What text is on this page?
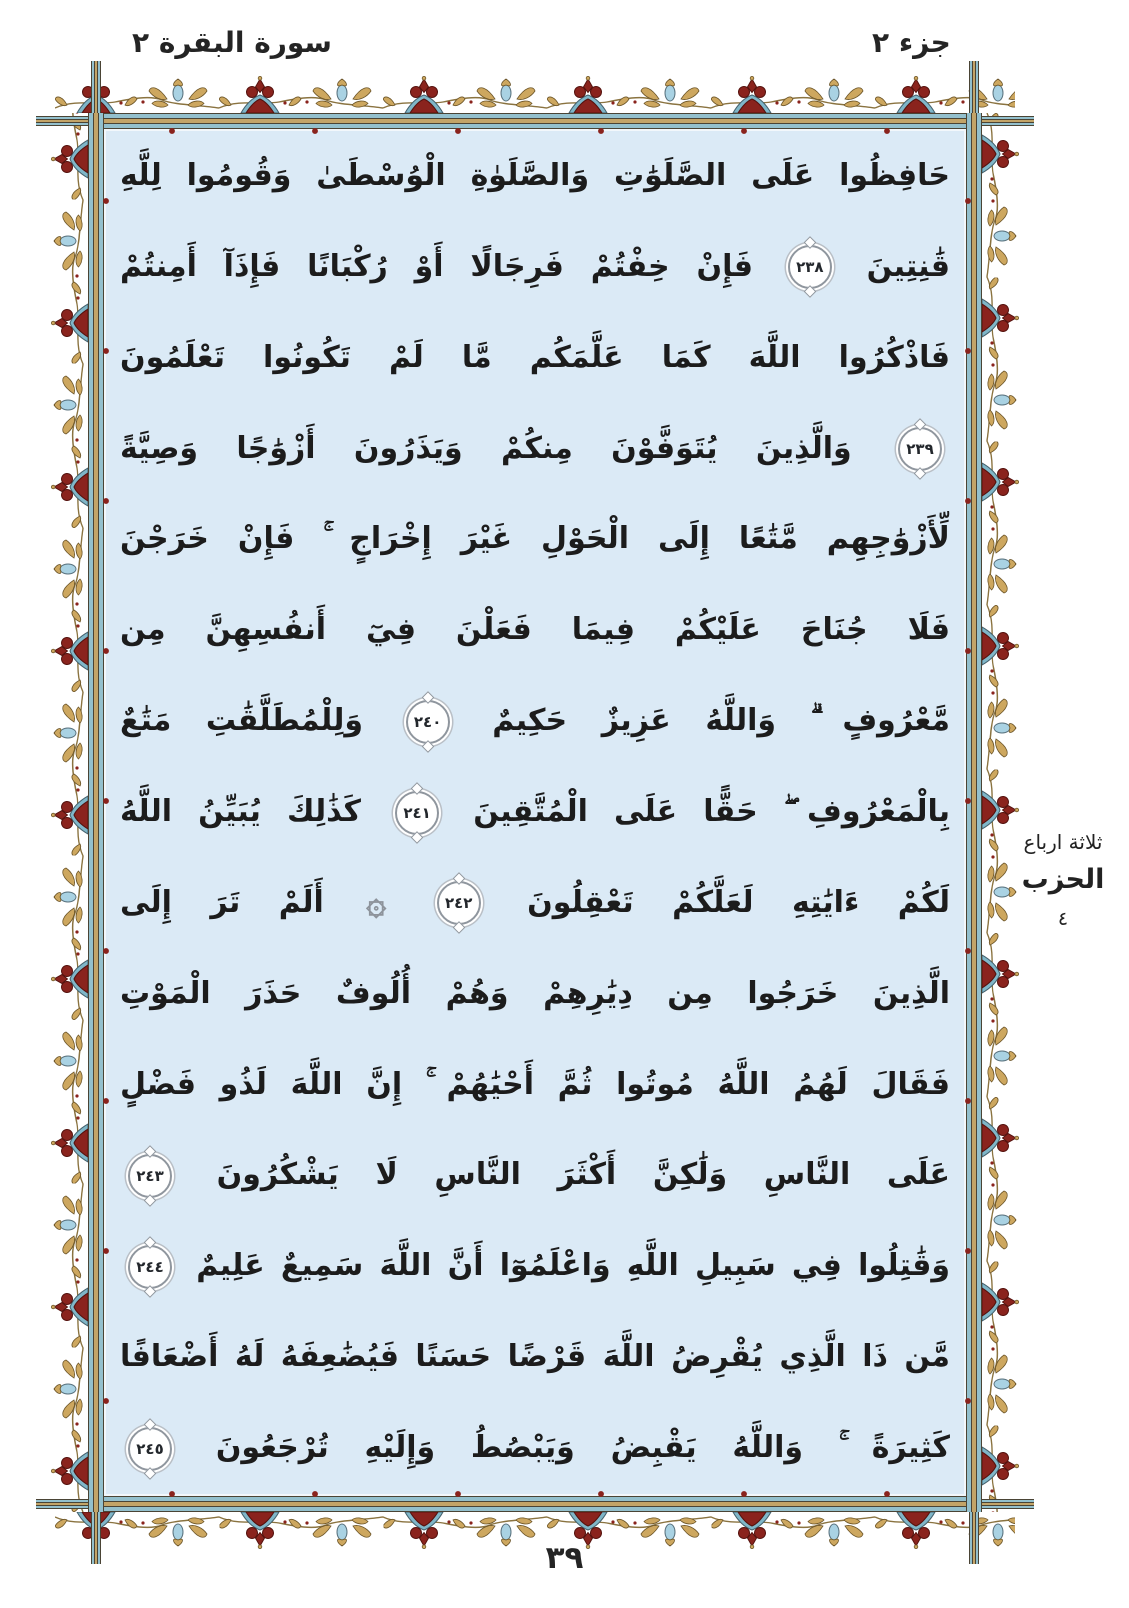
سورة البقرة ٢	جزء ٢
حَافِظُوا عَلَى الصَّلَوَٰتِ وَالصَّلَوٰةِ الْوُسْطَىٰ وَقُومُوا لِلَّهِ
قَٰنِتِينَ ٢٣٨ فَإِنْ خِفْتُمْ فَرِجَالًا أَوْ رُكْبَانًا فَإِذَآ أَمِنتُمْ
فَاذْكُرُوا اللَّهَ كَمَا عَلَّمَكُم مَّا لَمْ تَكُونُوا تَعْلَمُونَ
٢٣٩ وَالَّذِينَ يُتَوَفَّوْنَ مِنكُمْ وَيَذَرُونَ أَزْوَٰجًا وَصِيَّةً
لِّأَزْوَٰجِهِم مَّتَٰعًا إِلَى الْحَوْلِ غَيْرَ إِخْرَاجٍ ۚ فَإِنْ خَرَجْنَ
فَلَا جُنَاحَ عَلَيْكُمْ فِيمَا فَعَلْنَ فِيٓ أَنفُسِهِنَّ مِن
مَّعْرُوفٍ ۗ وَاللَّهُ عَزِيزٌ حَكِيمٌ ٢٤٠ وَلِلْمُطَلَّقَٰتِ مَتَٰعٌ
بِالْمَعْرُوفِ ۖ حَقًّا عَلَى الْمُتَّقِينَ ٢٤١ كَذَٰلِكَ يُبَيِّنُ اللَّهُ
لَكُمْ ءَايَٰتِهِ لَعَلَّكُمْ تَعْقِلُونَ ٢٤٢ ۞ أَلَمْ تَرَ إِلَى
الَّذِينَ خَرَجُوا مِن دِيَٰرِهِمْ وَهُمْ أُلُوفٌ حَذَرَ الْمَوْتِ
فَقَالَ لَهُمُ اللَّهُ مُوتُوا ثُمَّ أَحْيَٰهُمْ ۚ إِنَّ اللَّهَ لَذُو فَضْلٍ
عَلَى النَّاسِ وَلَٰكِنَّ أَكْثَرَ النَّاسِ لَا يَشْكُرُونَ ٢٤٣
وَقَٰتِلُوا فِي سَبِيلِ اللَّهِ وَاعْلَمُوٓا أَنَّ اللَّهَ سَمِيعٌ عَلِيمٌ ٢٤٤
مَّن ذَا الَّذِي يُقْرِضُ اللَّهَ قَرْضًا حَسَنًا فَيُضَٰعِفَهُ لَهُ أَضْعَافًا
كَثِيرَةً ۚ وَاللَّهُ يَقْبِضُ وَيَبْصُطُ وَإِلَيْهِ تُرْجَعُونَ ٢٤٥
ثلاثة ارباع
الحزب
٤
٣٩
